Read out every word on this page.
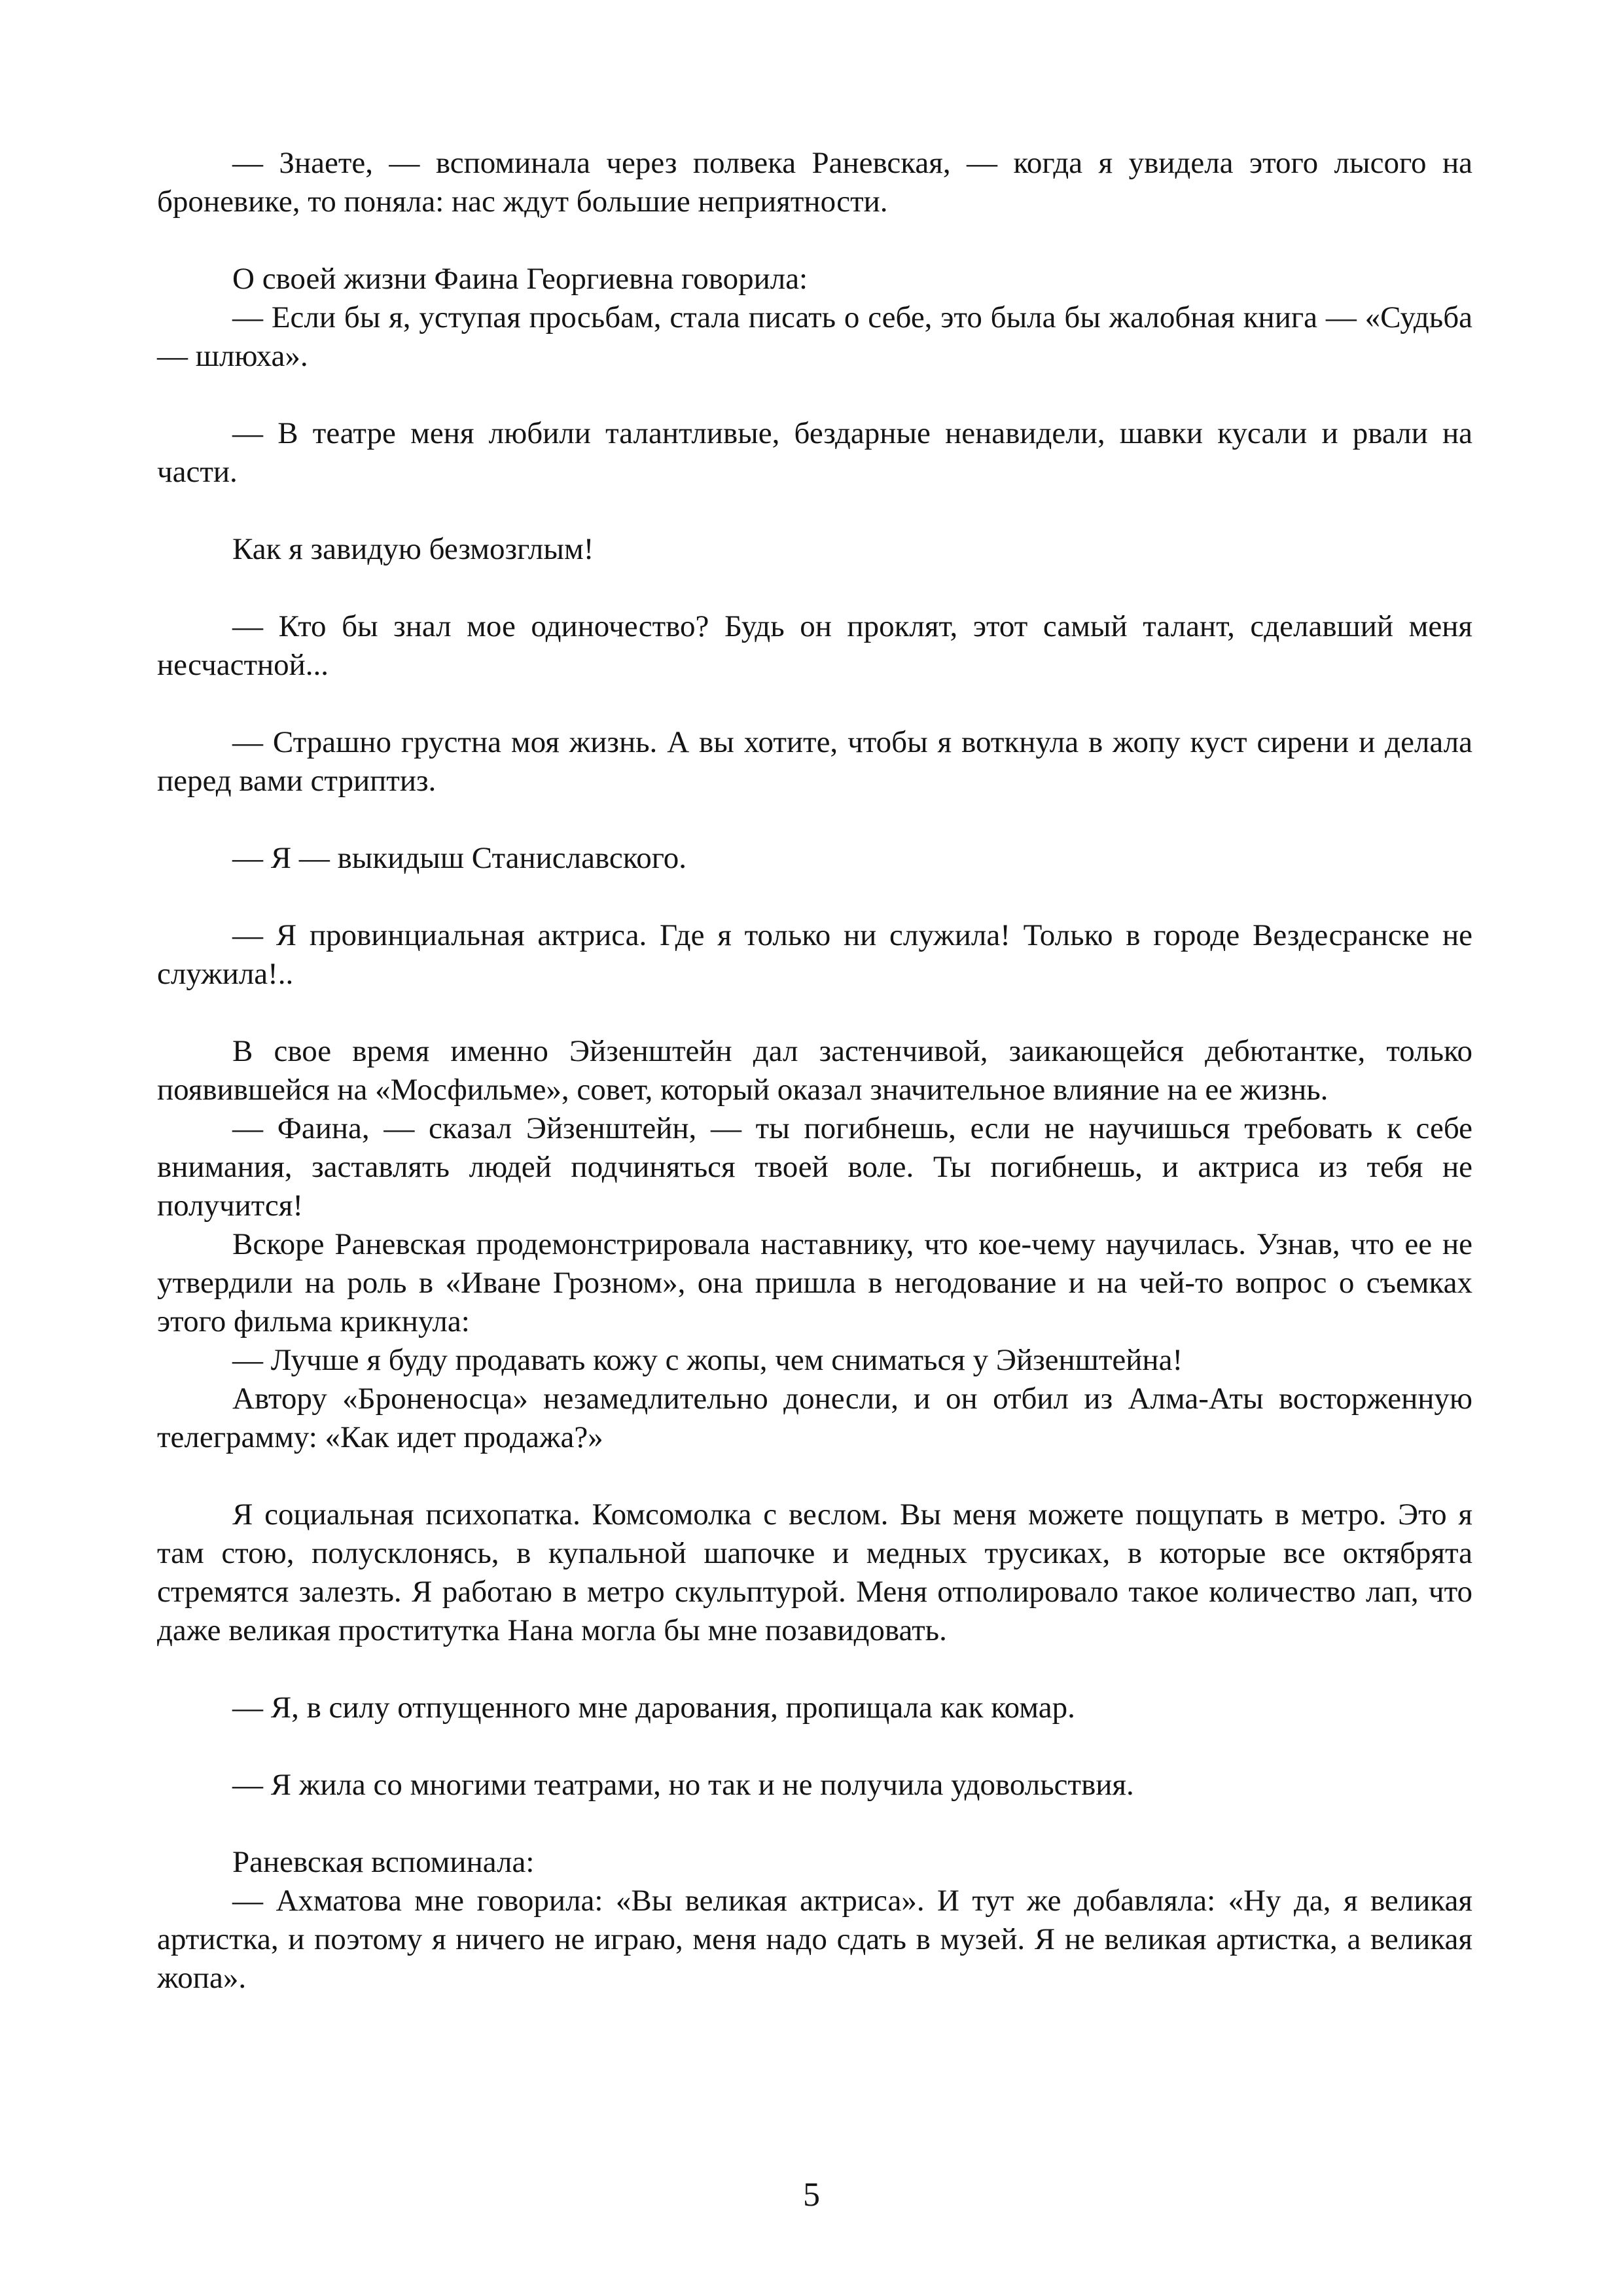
— Знаете, — вспоминала через полвека Раневская, — когда я увидела этого лысого на броневике, то поняла: нас ждут большие неприятности.

О своей жизни Фаина Георгиевна говорила:

— Если бы я, уступая просьбам, стала писать о себе, это была бы жалобная книга — «Судьба — шлюха».

— В театре меня любили талантливые, бездарные ненавидели, шавки кусали и рвали на части.

Как я завидую безмозглым!

— Кто бы знал мое одиночество? Будь он проклят, этот самый талант, сделавший меня несчастной...

— Страшно грустна моя жизнь. А вы хотите, чтобы я воткнула в жопу куст сирени и делала перед вами стриптиз.

— Я — выкидыш Станиславского.

— Я провинциальная актриса. Где я только ни служила! Только в городе Вездесранске не служила!..

В свое время именно Эйзенштейн дал застенчивой, заикающейся дебютантке, только появившейся на «Мосфильме», совет, который оказал значительное влияние на ее жизнь.

— Фаина, — сказал Эйзенштейн, — ты погибнешь, если не научишься требовать к себе внимания, заставлять людей подчиняться твоей воле. Ты погибнешь, и актриса из тебя не получится!

Вскоре Раневская продемонстрировала наставнику, что кое-чему научилась. Узнав, что ее не утвердили на роль в «Иване Грозном», она пришла в негодование и на чей-то вопрос о съемках этого фильма крикнула:

— Лучше я буду продавать кожу с жопы, чем сниматься у Эйзенштейна!

Автору «Броненосца» незамедлительно донесли, и он отбил из Алма-Аты восторженную телеграмму: «Как идет продажа?»

Я социальная психопатка. Комсомолка с веслом. Вы меня можете пощупать в метро. Это я там стою, полусклонясь, в купальной шапочке и медных трусиках, в которые все октябрята стремятся залезть. Я работаю в метро скульптурой. Меня отполировало такое количество лап, что даже великая проститутка Нана могла бы мне позавидовать.

— Я, в силу отпущенного мне дарования, пропищала как комар.

— Я жила со многими театрами, но так и не получила удовольствия.

Раневская вспоминала:

— Ахматова мне говорила: «Вы великая актриса». И тут же добавляла: «Ну да, я великая артистка, и поэтому я ничего не играю, меня надо сдать в музей. Я не великая артистка, а великая жопа».

5
